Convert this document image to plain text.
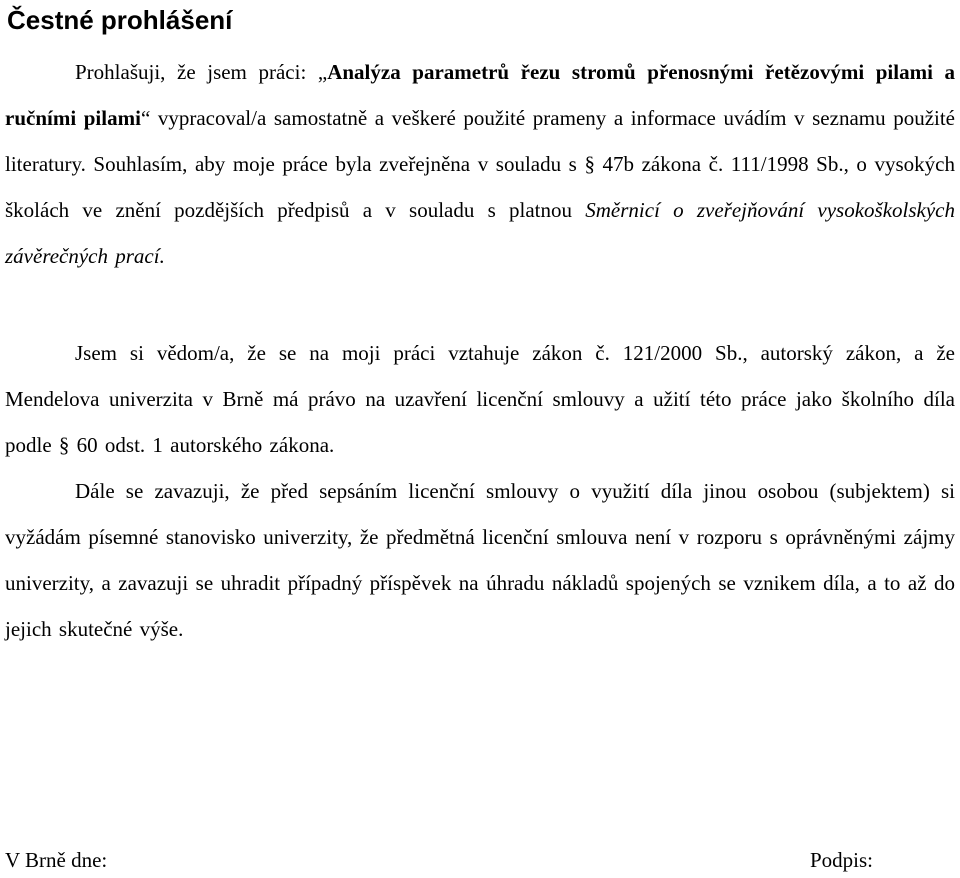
Čestné prohlášení

Prohlašuji, že jsem práci: „Analýza parametrů řezu stromů přenosnými řetězovými pilami a ručními pilami“ vypracoval/a samostatně a veškeré použité prameny a informace uvádím v seznamu použité literatury. Souhlasím, aby moje práce byla zveřejněna v souladu s § 47b zákona č. 111/1998 Sb., o vysokých školách ve znění pozdějších předpisů a v souladu s platnou Směrnicí o zveřejňování vysokoškolských závěrečných prací.

Jsem si vědom/a, že se na moji práci vztahuje zákon č. 121/2000 Sb., autorský zákon, a že Mendelova univerzita v Brně má právo na uzavření licenční smlouvy a užití této práce jako školního díla podle § 60 odst. 1 autorského zákona.

Dále se zavazuji, že před sepsáním licenční smlouvy o využití díla jinou osobou (subjektem) si vyžádám písemné stanovisko univerzity, že předmětná licenční smlouva není v rozporu s oprávněnými zájmy univerzity, a zavazuji se uhradit případný příspěvek na úhradu nákladů spojených se vznikem díla, a to až do jejich skutečné výše.

V Brně dne:	Podpis:
